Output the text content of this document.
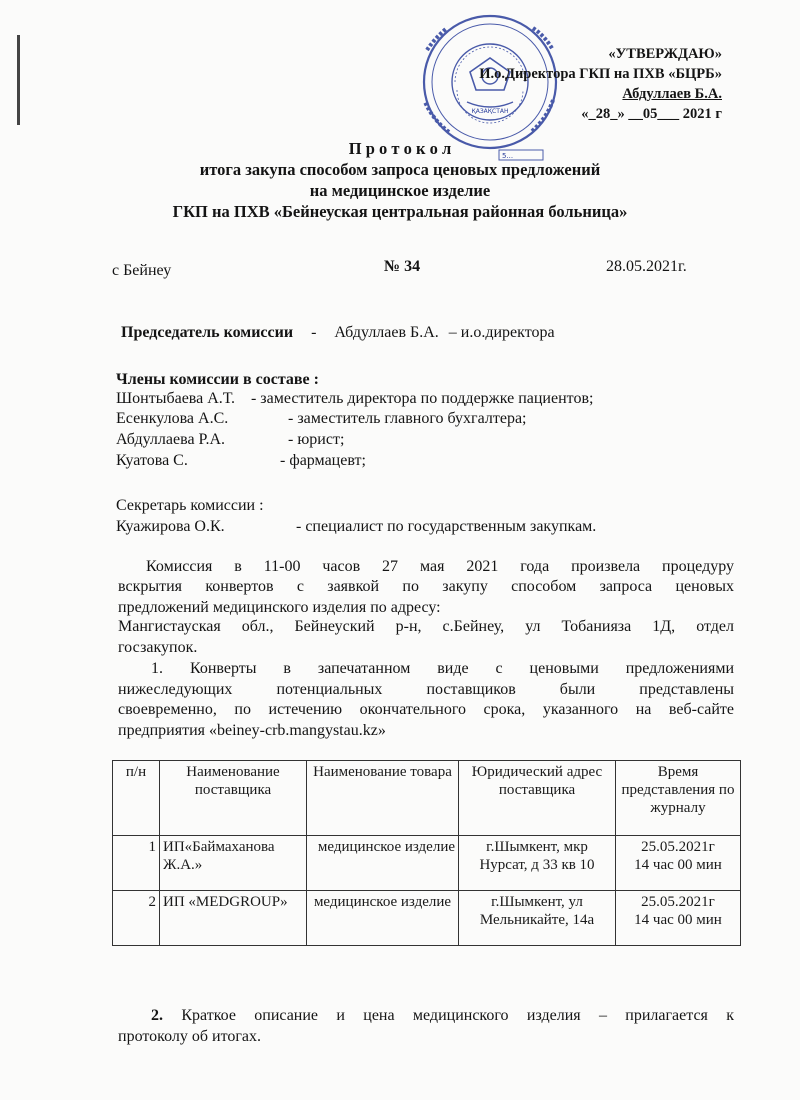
ҚАЗАҚСТАН
5...
«УТВЕРЖДАЮ»
И.о.Директора ГКП на ПХВ «БЦРБ»
Абдуллаев Б.А.
«_28_» __05___ 2021 г
П р о т о к о л
итога закупа способом запроса ценовых предложений
на медицинское изделие
ГКП на ПХВ «Бейнеуская центральная районная больница»
с Бейнеу	№ 34	28.05.2021г.
Председатель комиссии - Абдуллаев Б.А. – и.о.директора
Члены комиссии в составе :
Шонтыбаева А.Т. - заместитель директора по поддержке пациентов;
Есенкулова А.С.	- заместитель главного бухгалтера;
Абдуллаева Р.А.	- юрист;
Куатова С.	- фармацевт;
Секретарь комиссии :
Куажирова О.К.	- специалист по государственным закупкам.
Комиссия в 11-00 часов 27 мая 2021 года произвела процедуру
вскрытия конвертов с заявкой по закупу способом запроса ценовых
предложений медицинского изделия по адресу:
Мангистауская обл., Бейнеуский р-н, с.Бейнеу, ул Тобанияза 1Д, отдел
госзакупок.
1. Конверты в запечатанном виде с ценовыми предложениями
нижеследующих потенциальных поставщиков были представлены
своевременно, по истечению окончательного срока, указанного на веб-сайте
предприятия «beiney-crb.mangystau.kz»
п/н	Наименование поставщика	Наименование товара	Юридический адрес поставщика	Время представления по журналу
1	ИП«Баймаханова Ж.А.»	медицинское изделие	г.Шымкент, мкр Нурсат, д 33 кв 10	25.05.2021г
14 час 00 мин

2	ИП «MEDGROUP»	медицинское изделие	г.Шымкент, ул Мельникайте, 14а	25.05.2021г
14 час 00 мин
2. Краткое описание и цена медицинского изделия – прилагается к
протоколу об итогах.
